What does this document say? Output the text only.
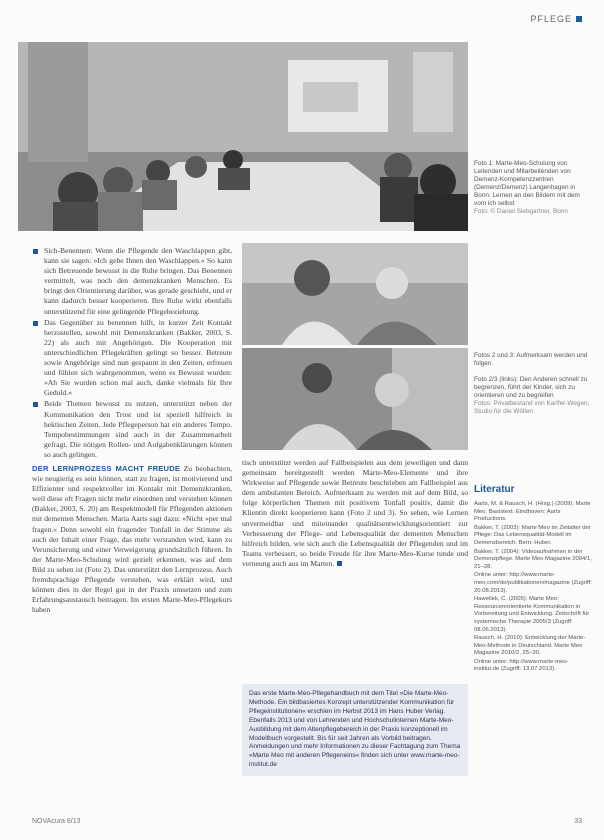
PFLEGE
Foto 1: Marte-Meo-Schulung von Leitenden und Mitarbeitenden von Demenz-Kompetenzzentren (Demenz/Demenz) Langenhagen in Bonn: Lernen an den Bildern mit dem vom ich selbst
Foto: © Daniel Siebgartner, Bonn
Fotos 2 und 3: Aufmerksam werden und folgen.

Foto 2/3 (links): Den Anderen schnell zu begrenzen, führt der Kinder, sich zu orientieren und zu begreifen
Fotos: Privatbestand von Karlfer-Wegen, Studio für die Wöllen
Sich-Benennen: Wenn die Pflegende den Waschlappen gibt, kann sie sagen: »Ich gebe Ihnen den Waschlappen.« So kann sich Betreuende bewusst in die Ruhe bringen. Das Benennen vermittelt, was noch den demenzkranken Menschen. Es bringt den Orientierung darüber, was gerade geschieht, und er kann dadurch besser kooperieren. Ihre Ruhe wirkt ebenfalls unterstützend für eine gelingende Pflegebeziehung.
Das Gegenüber zu benennen hilft, in kurzer Zeit Kontakt herzustellen, sowohl mit Demenzkranken (Bakker, 2003, S. 22) als auch mit Angehörigen. Die Kooperation mit unterschiedlichen Pflegekräften gelingt so besser. Betreute sowie Angehörige sind nun gespannt in den Zeiten, erfreuen und fühlen sich wahrgenommen, wenn es Bewusst wurden: »Ah Sie wurden schon mal auch, danke vielmals für Ihre Geduld.«
Beide Themen bewusst zu nutzen, unterstützt neben der Kommunikation den Trost und ist speziell hilfreich in hektischen Zeiten. Jede Pflegeperson hat ein anderes Tempo. Tempobestimmungen sind auch in der Zusammenarbeit gefragt. Die nötigen Rollen- und Aufgabenklärungen können so auch gelingen.

DER LERNPROZESS MACHT FREUDE Zu beobachten, wie neugierig es sein können, statt zu fragen, ist motivierend und Effizienter und respektvoller im Kontakt mit Demenzkranken, weil diese oft Fragen nicht mehr einordnen und verstehen können (Bakker, 2003, S. 20) am Respektmodell für Pflegenden aktionen mit dementen Menschen. Maria Aarts sagt dazu: »Nicht »per mal fragen.« Denn sowohl ein fragender Tonfall in der Stimme als auch der Inhalt einer Frage, das mehr verstanden wird, kann zu Verunsicherung und einer Verweigerung grundsätzlich führen. In der Marte-Meo-Schulung wird gezielt erkennen, was auf dem Bild zu sehen ist (Foto 2). Das unterstützt den Lernprozess. Auch fremdsprachige Pflegende verstehen, was erklärt wird, und können dies in der Regel gut in der Praxis umsetzen und zum Erfahrungsaustausch beitragen. Im ersten Marte-Meo-Pflegekurs haben

tisch unterstützt werden auf Fallbeispielen aus dem jeweiligen und dann gemeinsam bereitgestellt werden Marte-Meo-Elemente und ihre Wirkweise auf Pflegende sowie Betreute beschrieben am Fallbeispiel aus dem ambulanten Bereich. Aufmerksam zu werden mit auf dem Bild, so folge körperlichen Themen mit positivem Tonfall positiv, damit die Klientin direkt kooperieren kann (Foto 2 und 3). So sehen, wie Lernen unvermeidbar und miteinander qualitätsentwicklungsorientiert zur Verbesserung der Pflege- und Lebensqualität der dementen Menschen hilfreich bilden, wie sich auch die Lebensqualität der Pflegenden und im Teams verbessert, so beide Freude für ihre Marte-Meo-Kurse tunde und verneung auch aus im Marten.

Das erste Marte-Meo-Pflegehandbuch mit dem Titel »Die Marte-Meo-Methode. Ein bildbasiertes Konzept unterstützender Kommunikation für Pflegeinstitutionen« erschien im Herbst 2013 im Hans Huber Verlag. Ebenfalls 2013 und von Lehrenden und Hochschulinternen Marte-Meo-Ausbildung mit dem Altenpflegebereich in der Praxis konzeptionell im Modellbuch vorgestellt. Bis für seit Jahren als Vorbild beitragen. Anmeldungen und mehr Informationen zu dieser Fachtagung zum Thema »Marte Meo mit anderen Pflegeneins« finden sich unter www.marte-meo-institut.de
Literatur

Aarts, M. & Rausch, H. (Hrsg.) (2009): Marte Meo. Basistext. Eindhoven: Aarts Productions.

Bakker, T. (2003): Marte Meo im Zeitalter der Pflege: Das Lebensqualität-Modell im Demenzbereich. Bern: Huber.

Bakker, T. (2004): Videoaufnahmen in der Demenzpflege. Marte Meo Magazine 2004/1, 21–28.

Online unter: http://www.marte-meo.com/de/publikationen/magazine (Zugriff: 20.08.2013).

Hawellek, C. (2005): Marte Meo: Ressourcenorientierte Kommunikation in Vorbereitung und Entwicklung. Zeitschrift für systemische Therapie 2005/3 (Zugriff: 08.06.2013).

Rausch, H. (2010): Entwicklung der Marte-Meo-Methode in Deutschland. Marte Meo Magazine 2010/2, 25–30.

Online unter: http://www.marte-meo-institut.de (Zugriff: 13.07.2013).

NOVAcura 8/13	33
